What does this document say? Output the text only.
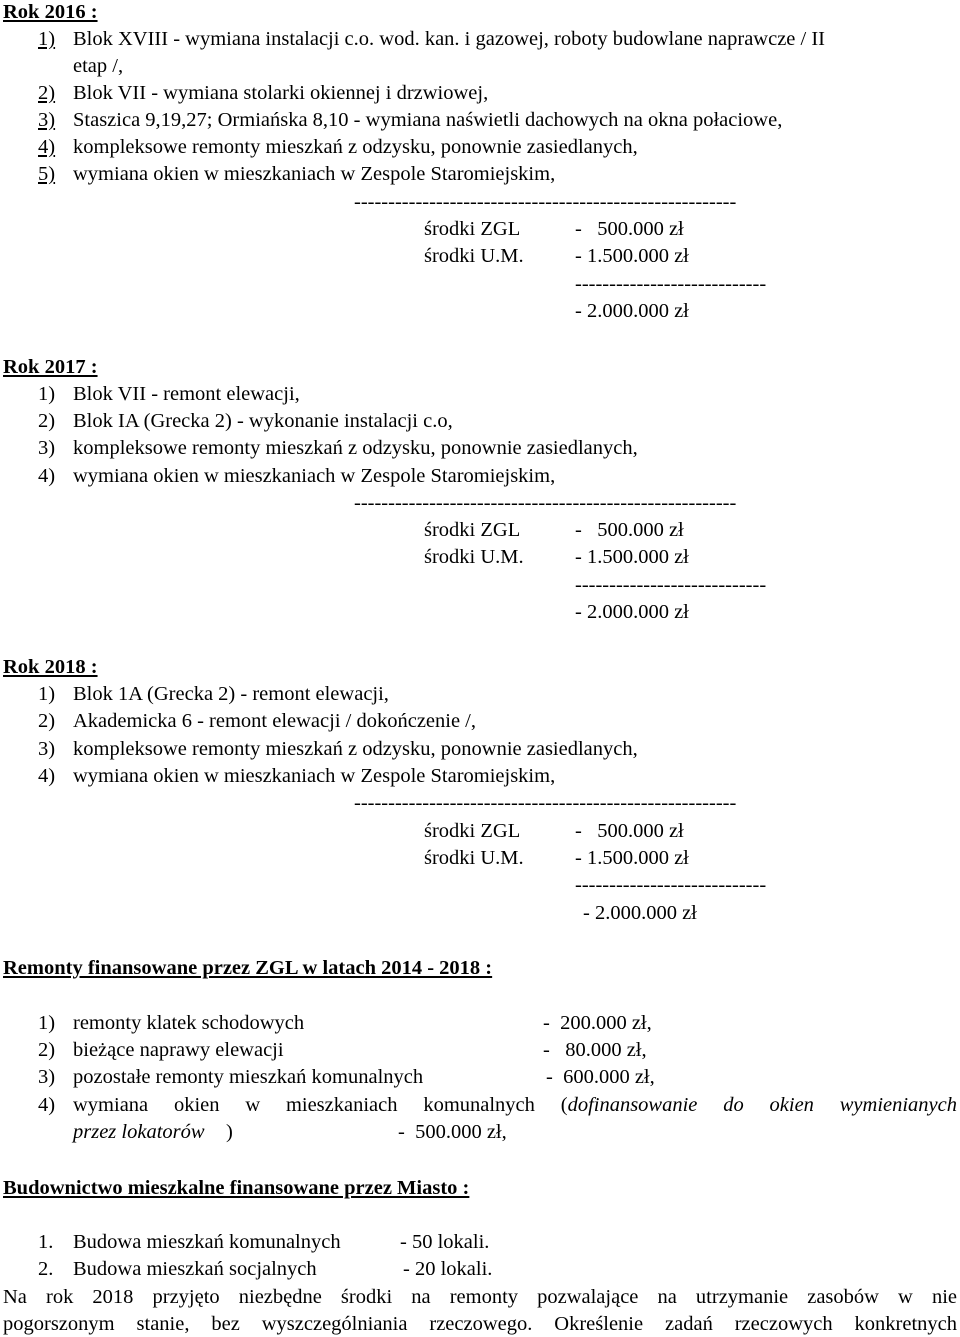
Rok 2016 :
1) Blok XVIII - wymiana instalacji c.o. wod. kan. i gazowej, roboty budowlane naprawcze / II
etap /,
2) Blok VII - wymiana stolarki okiennej i drzwiowej,
3) Staszica 9,19,27; Ormiańska 8,10 - wymiana naświetli dachowych na okna połaciowe,
4) kompleksowe remonty mieszkań z odzysku, ponownie zasiedlanych,
5) wymiana okien w mieszkaniach w Zespole Staromiejskim,
--------------------------------------------------------
środki ZGL	-   500.000 zł
środki U.M.	- 1.500.000 zł
----------------------------
- 2.000.000 zł
Rok 2017 :
1) Blok VII - remont elewacji,
2) Blok IA (Grecka 2) - wykonanie instalacji c.o,
3) kompleksowe remonty mieszkań z odzysku, ponownie zasiedlanych,
4) wymiana okien w mieszkaniach w Zespole Staromiejskim,
--------------------------------------------------------
środki ZGL	-   500.000 zł
środki U.M.	- 1.500.000 zł
----------------------------
- 2.000.000 zł
Rok 2018 :
1) Blok 1A (Grecka 2) - remont elewacji,
2) Akademicka 6 - remont elewacji / dokończenie /,
3) kompleksowe remonty mieszkań z odzysku, ponownie zasiedlanych,
4) wymiana okien w mieszkaniach w Zespole Staromiejskim,
--------------------------------------------------------
środki ZGL	-   500.000 zł
środki U.M.	- 1.500.000 zł
----------------------------
- 2.000.000 zł
Remonty finansowane przez ZGL w latach 2014 - 2018 :
1) remonty klatek schodowych	-  200.000 zł,
2) bieżące naprawy elewacji	-   80.000 zł,
3) pozostałe remonty mieszkań komunalnych	-  600.000 zł,
4) wymiana okien w mieszkaniach komunalnych (dofinansowanie do okien wymienianych
przez lokatorów )	-  500.000 zł,
Budownictwo mieszkalne finansowane przez Miasto :
1. Budowa mieszkań komunalnych	- 50 lokali.
2. Budowa mieszkań socjalnych	- 20 lokali.
Na rok 2018 przyjęto niezbędne środki na remonty pozwalające na utrzymanie zasobów w nie
pogorszonym stanie, bez wyszczególniania rzeczowego. Określenie zadań rzeczowych konkretnych
